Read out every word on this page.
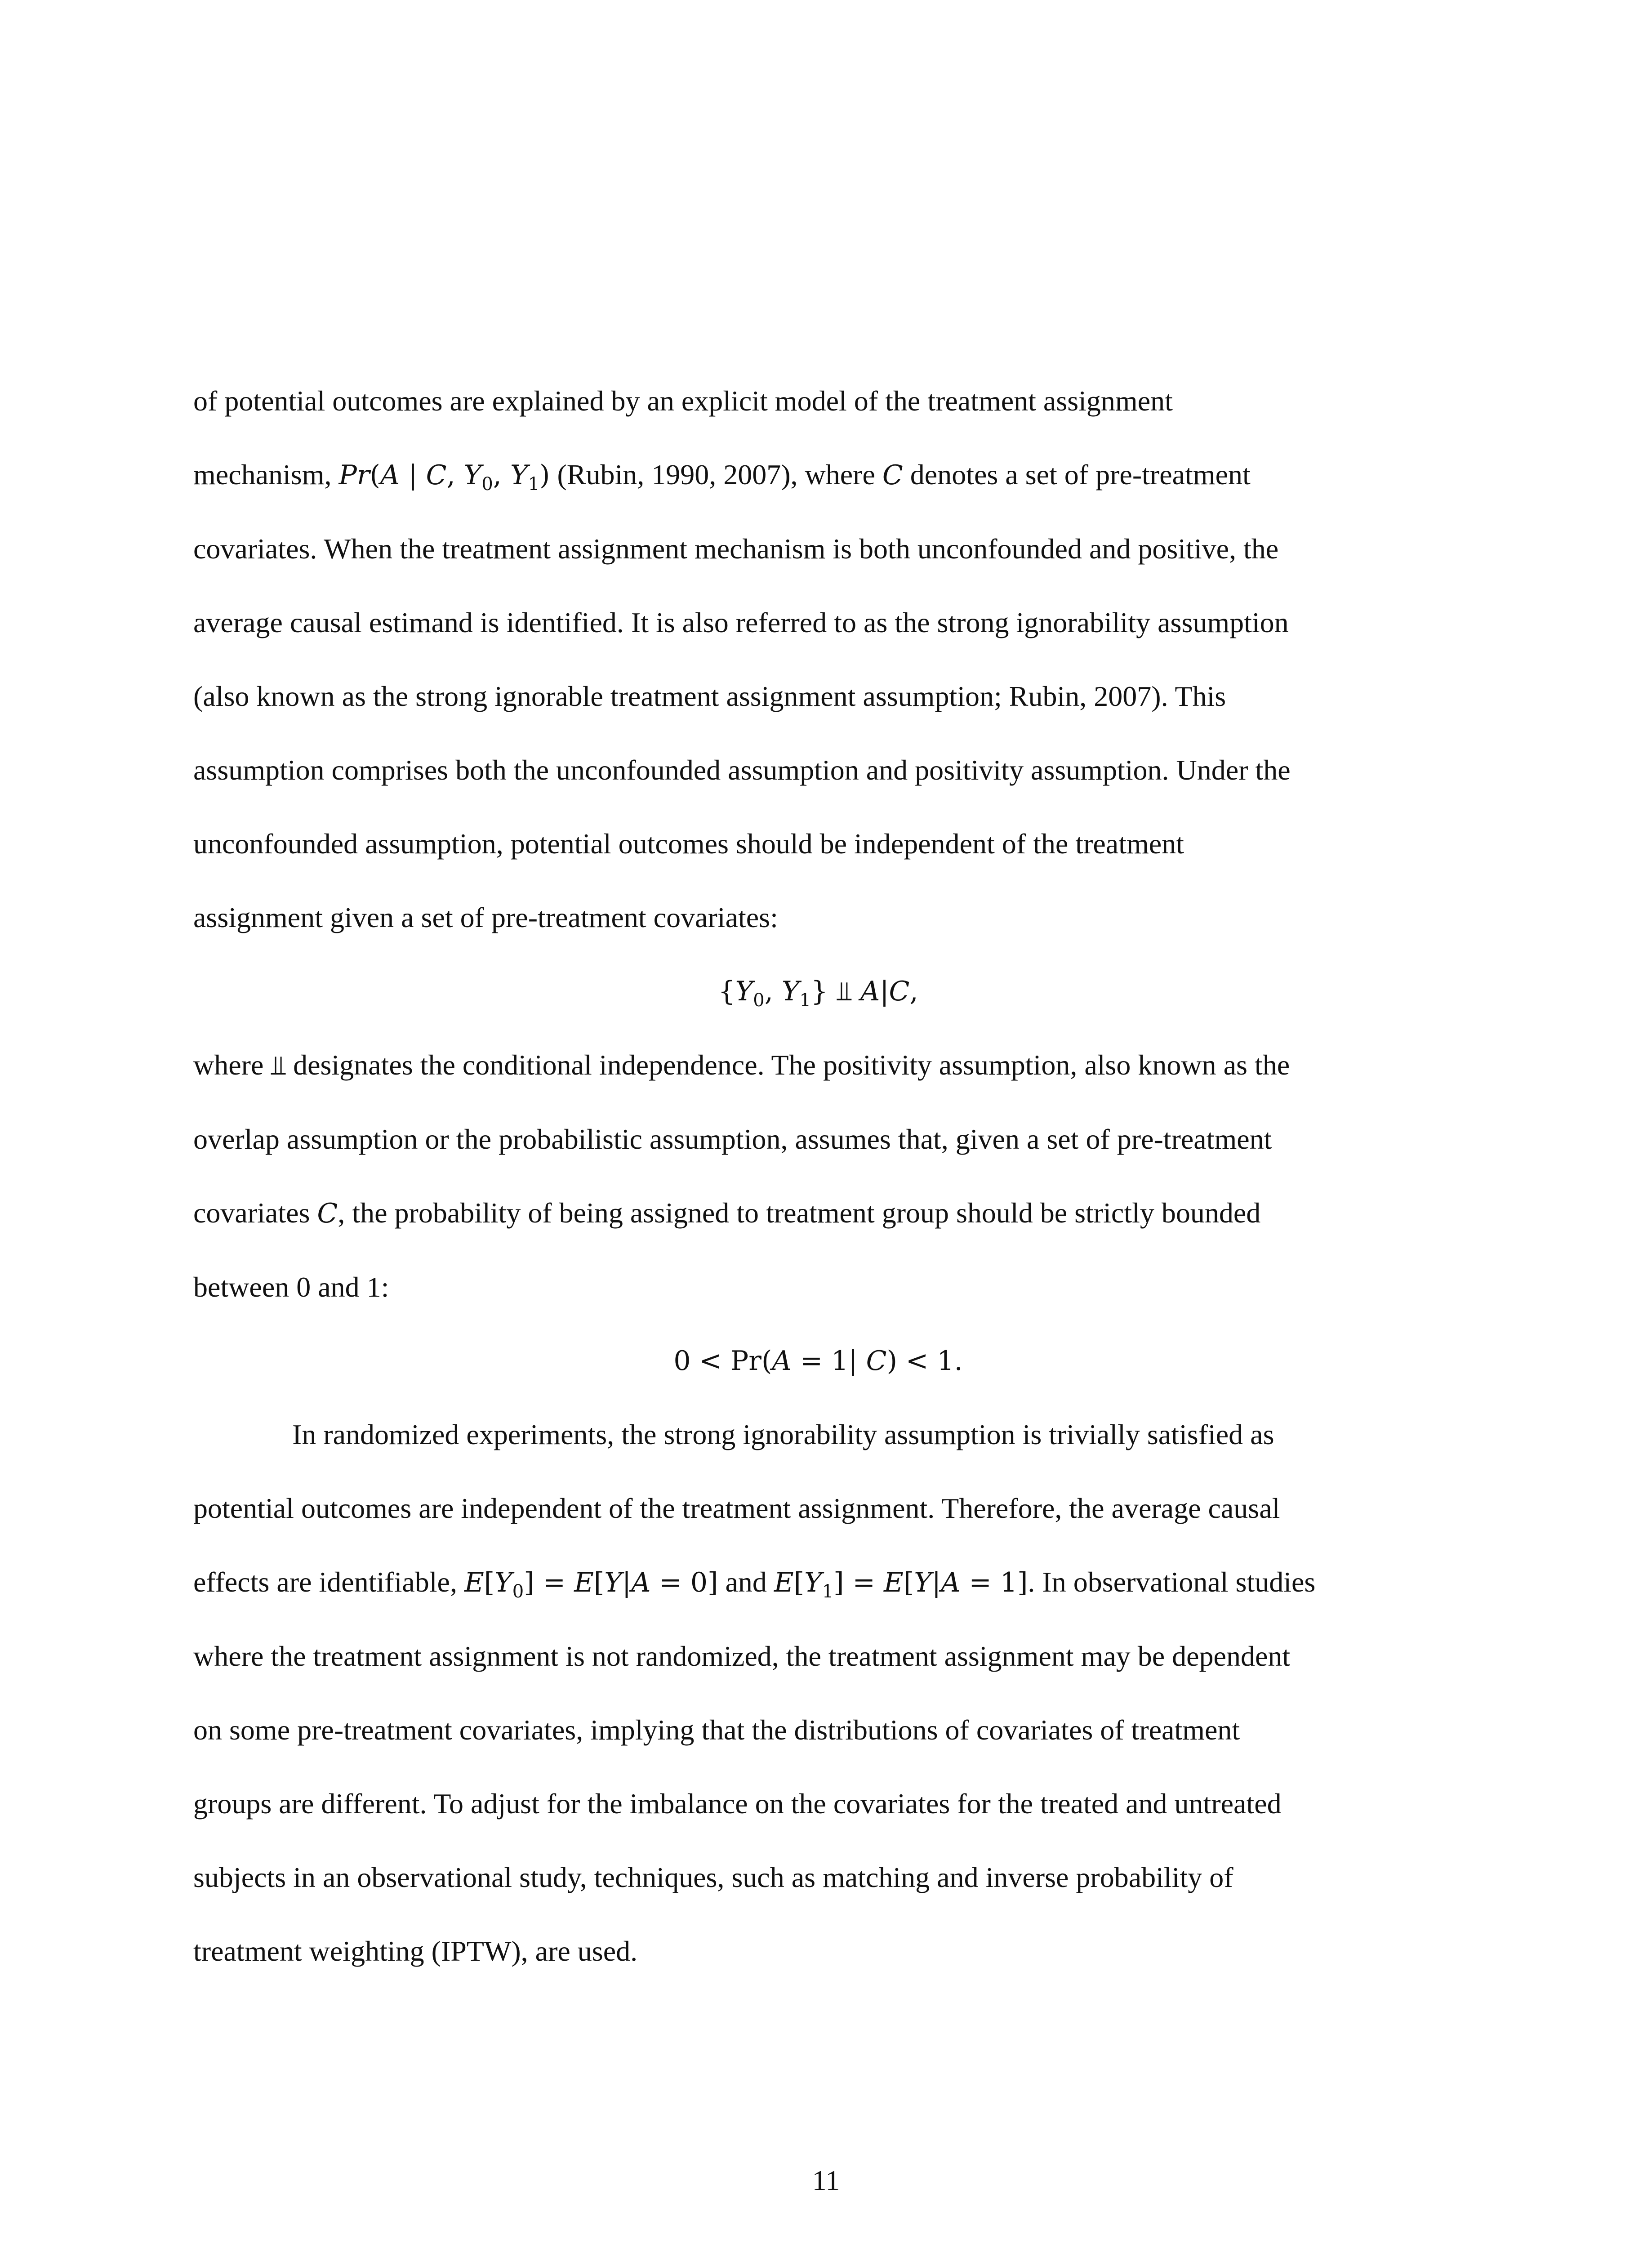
of potential outcomes are explained by an explicit model of the treatment assignment
mechanism, Pr(A | C, $Y_0$, $Y_1$) (Rubin, 1990, 2007), where C denotes a set of pre-treatment
covariates. When the treatment assignment mechanism is both unconfounded and positive, the
average causal estimand is identified. It is also referred to as the strong ignorability assumption
(also known as the strong ignorable treatment assignment assumption; Rubin, 2007). This
assumption comprises both the unconfounded assumption and positivity assumption. Under the
unconfounded assumption, potential outcomes should be independent of the treatment
assignment given a set of pre-treatment covariates:
{$Y_0$, $Y_1$} ⫫ A|C,
where ⫫ designates the conditional independence. The positivity assumption, also known as the
overlap assumption or the probabilistic assumption, assumes that, given a set of pre-treatment
covariates C, the probability of being assigned to treatment group should be strictly bounded
between 0 and 1:
0 < Pr(A = 1| C) < 1.
In randomized experiments, the strong ignorability assumption is trivially satisfied as
potential outcomes are independent of the treatment assignment. Therefore, the average causal
effects are identifiable, $E[Y_0] = E[Y|A = 0]$ and $E[Y_1] = E[Y|A = 1]$. In observational studies
where the treatment assignment is not randomized, the treatment assignment may be dependent
on some pre-treatment covariates, implying that the distributions of covariates of treatment
groups are different. To adjust for the imbalance on the covariates for the treated and untreated
subjects in an observational study, techniques, such as matching and inverse probability of
treatment weighting (IPTW), are used.
11
